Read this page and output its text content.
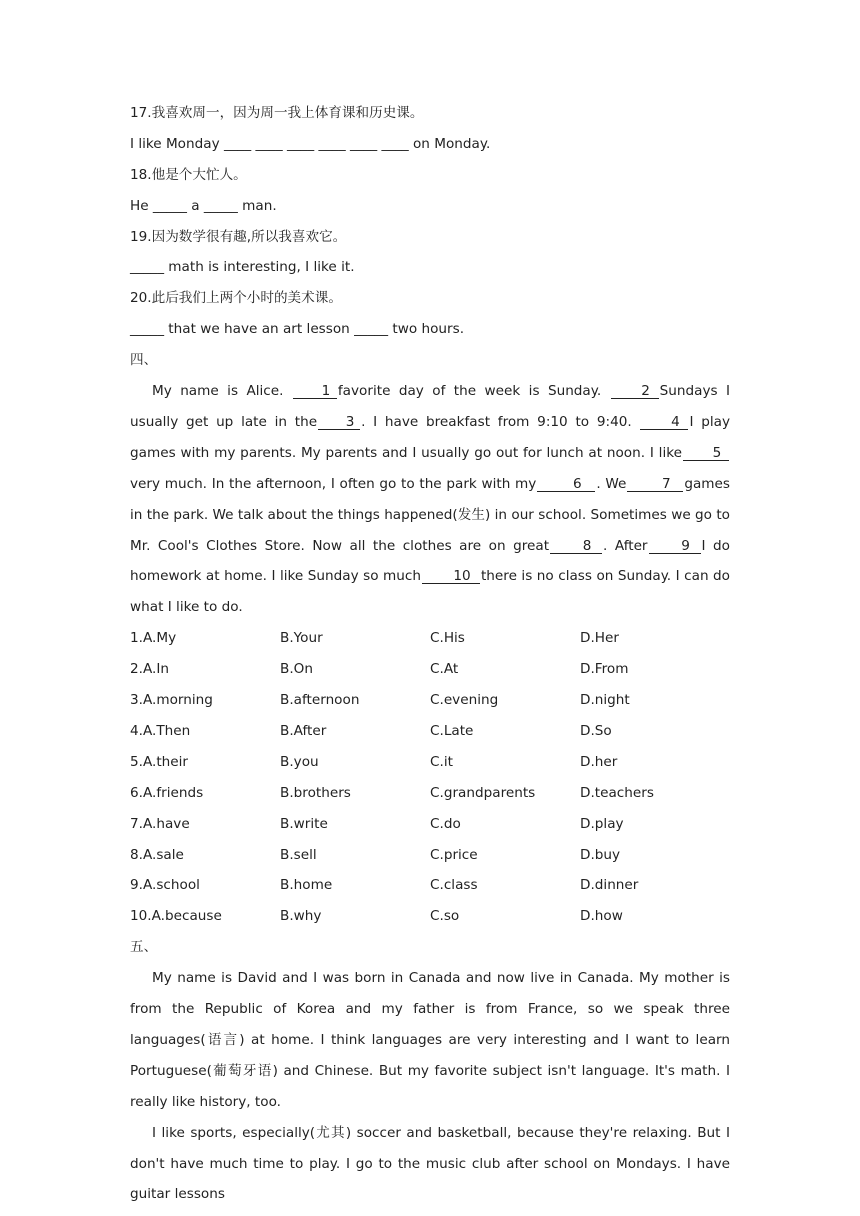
17.我喜欢周一，因为周一我上体育课和历史课。
I like Monday ____ ____ ____ ____ ____ ____ on Monday.
18.他是个大忙人。
He _____ a _____ man.
19.因为数学很有趣,所以我喜欢它。
_____ math is interesting, I like it.
20.此后我们上两个小时的美术课。
_____ that we have an art lesson _____ two hours.
四、
My name is Alice. 1 favorite day of the week is Sunday. 2 Sundays I usually get up late in the 3 . I have breakfast from 9:10 to 9:40. 4 I play games with my parents. My parents and I usually go out for lunch at noon. I like 5very much. In the afternoon, I often go to the park with my	6 . We	7 games in the park. We talk about the things happened(发生) in our school. Sometimes we go to Mr. Cool's Clothes Store. Now all the clothes are on great 8 . After 9 I do homework at home. I like Sunday so much 10 there is no class on Sunday. I can do what I like to do.
1.A.My	B.Your	C.His	D.Her
2.A.In	B.On	C.At	D.From
3.A.morning	B.afternoon	C.evening	D.night
4.A.Then	B.After	C.Late	D.So
5.A.their	B.you	C.it	D.her
6.A.friends	B.brothers	C.grandparents	D.teachers
7.A.have	B.write	C.do	D.play
8.A.sale	B.sell	C.price	D.buy
9.A.school	B.home	C.class	D.dinner
10.A.because	B.why	C.so	D.how
五、
My name is David and I was born in Canada and now live in Canada. My mother is from the Republic of Korea and my father is from France, so we speak three languages(语言) at home. I think languages are very interesting and I want to learn Portuguese(葡萄牙语) and Chinese. But my favorite subject isn't language. It's math. I really like history, too.
I like sports, especially(尤其) soccer and basketball, because they're relaxing. But I don't have much time to play. I go to the music club after school on Mondays. I have guitar lessons
